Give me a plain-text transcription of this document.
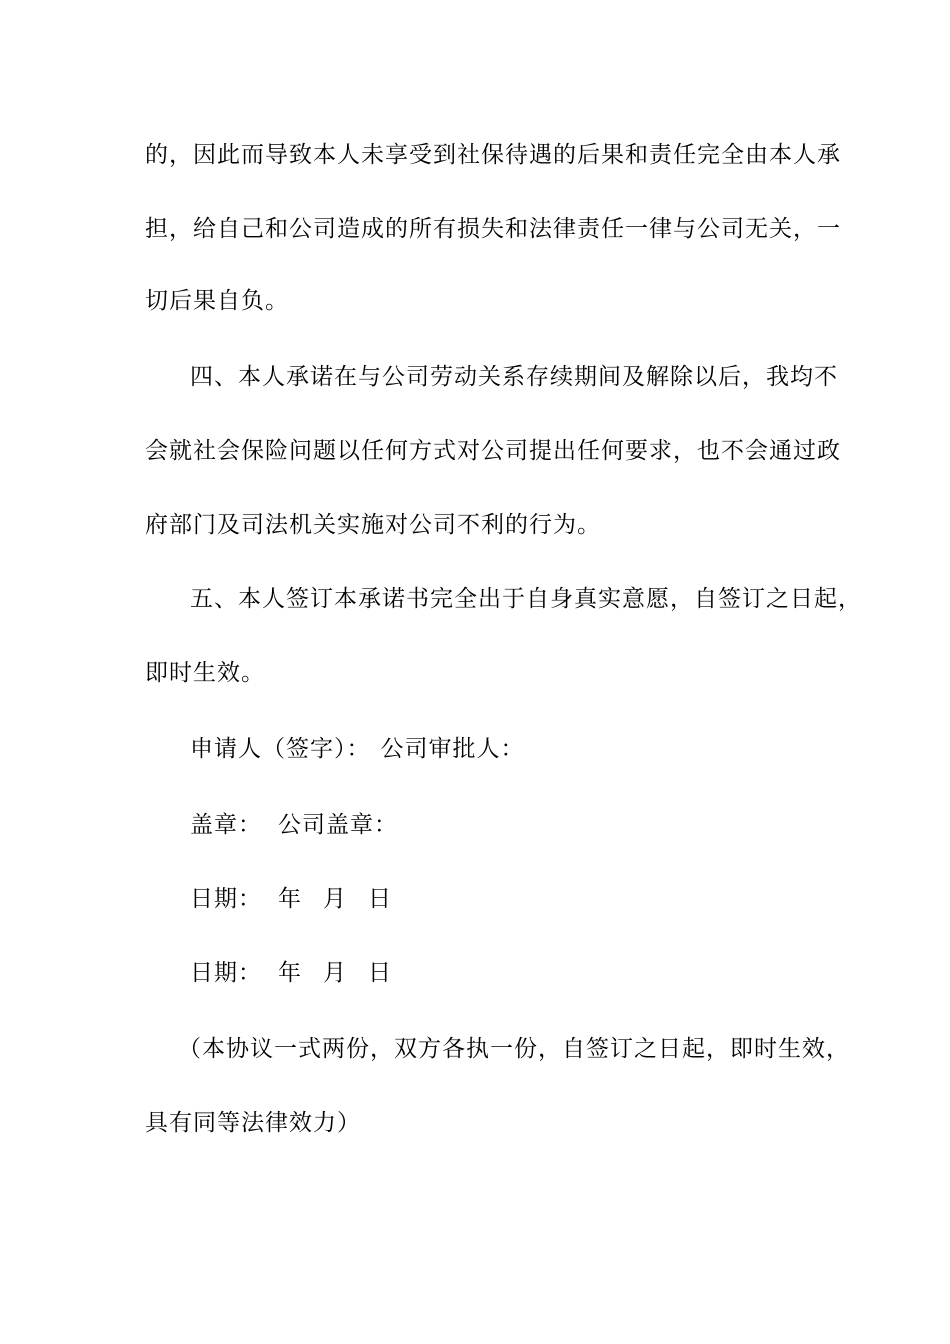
的，因此而导致本人未享受到社保待遇的后果和责任完全由本人承
担，给自己和公司造成的所有损失和法律责任一律与公司无关，一
切后果自负。
四、本人承诺在与公司劳动关系存续期间及解除以后，我均不
会就社会保险问题以任何方式对公司提出任何要求，也不会通过政
府部门及司法机关实施对公司不利的行为。
五、本人签订本承诺书完全出于自身真实意愿，自签订之日起，
即时生效。
申请人（签字）： 公司审批人：
盖章： 公司盖章：
日期： 年 月 日
日期： 年 月 日
（本协议一式两份，双方各执一份，自签订之日起，即时生效，
具有同等法律效力）
